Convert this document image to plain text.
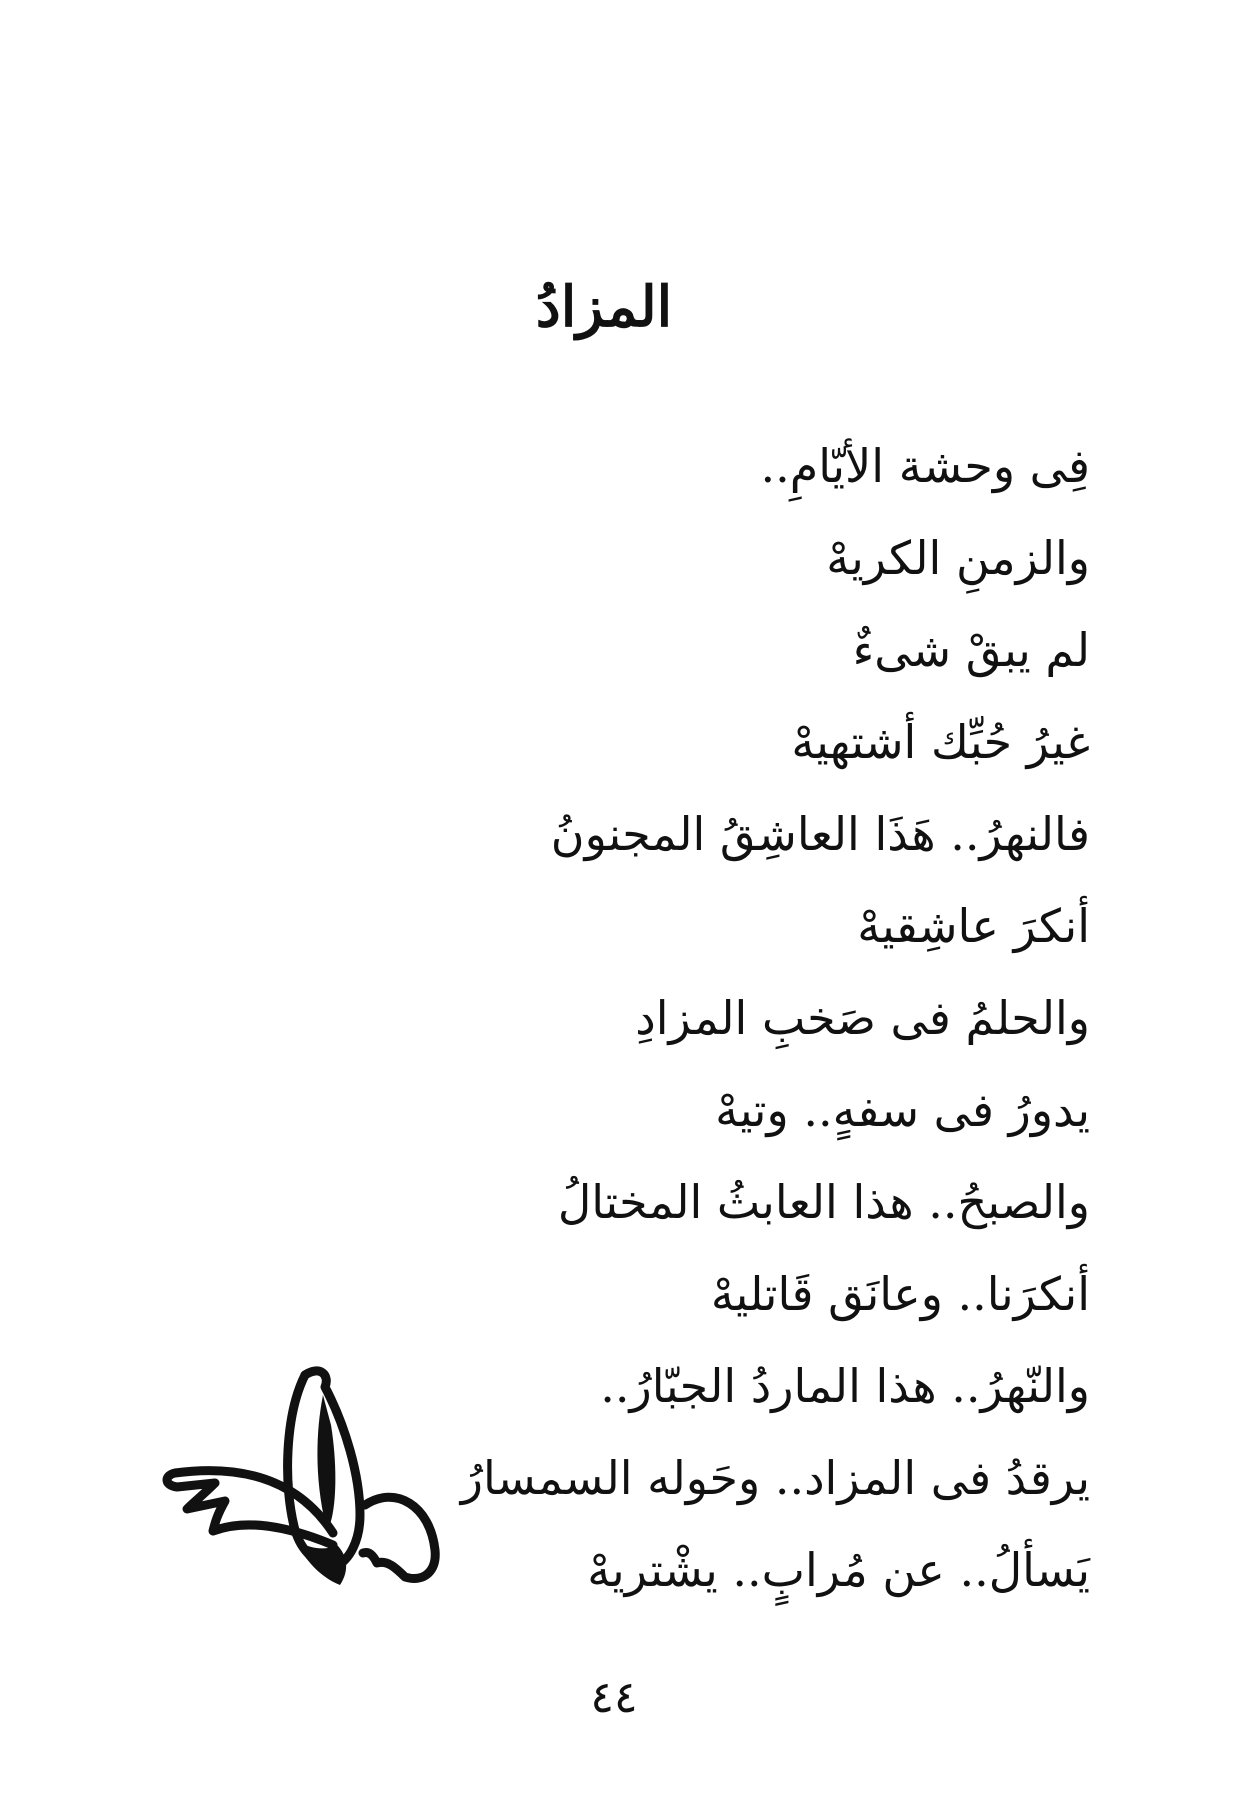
المزادُ
فِى وحشة الأيّامِ..
والزمنِ الكريهْ
لم يبقْ شىءٌ
غيرُ حُبِّك أشتهيهْ
فالنهرُ.. هَذَا العاشِقُ المجنونُ
أنكرَ عاشِقيهْ
والحلمُ فى صَخبِ المزادِ
يدورُ فى سفهٍ.. وتيهْ
والصبحُ.. هذا العابثُ المختالُ
أنكرَنا.. وعانَق قَاتليهْ
والنّهرُ.. هذا الماردُ الجبّارُ..
يرقدُ فى المزاد.. وحَوله السمسارُ
يَسألُ.. عن مُرابٍ.. يشْتريهْ
٤٤
